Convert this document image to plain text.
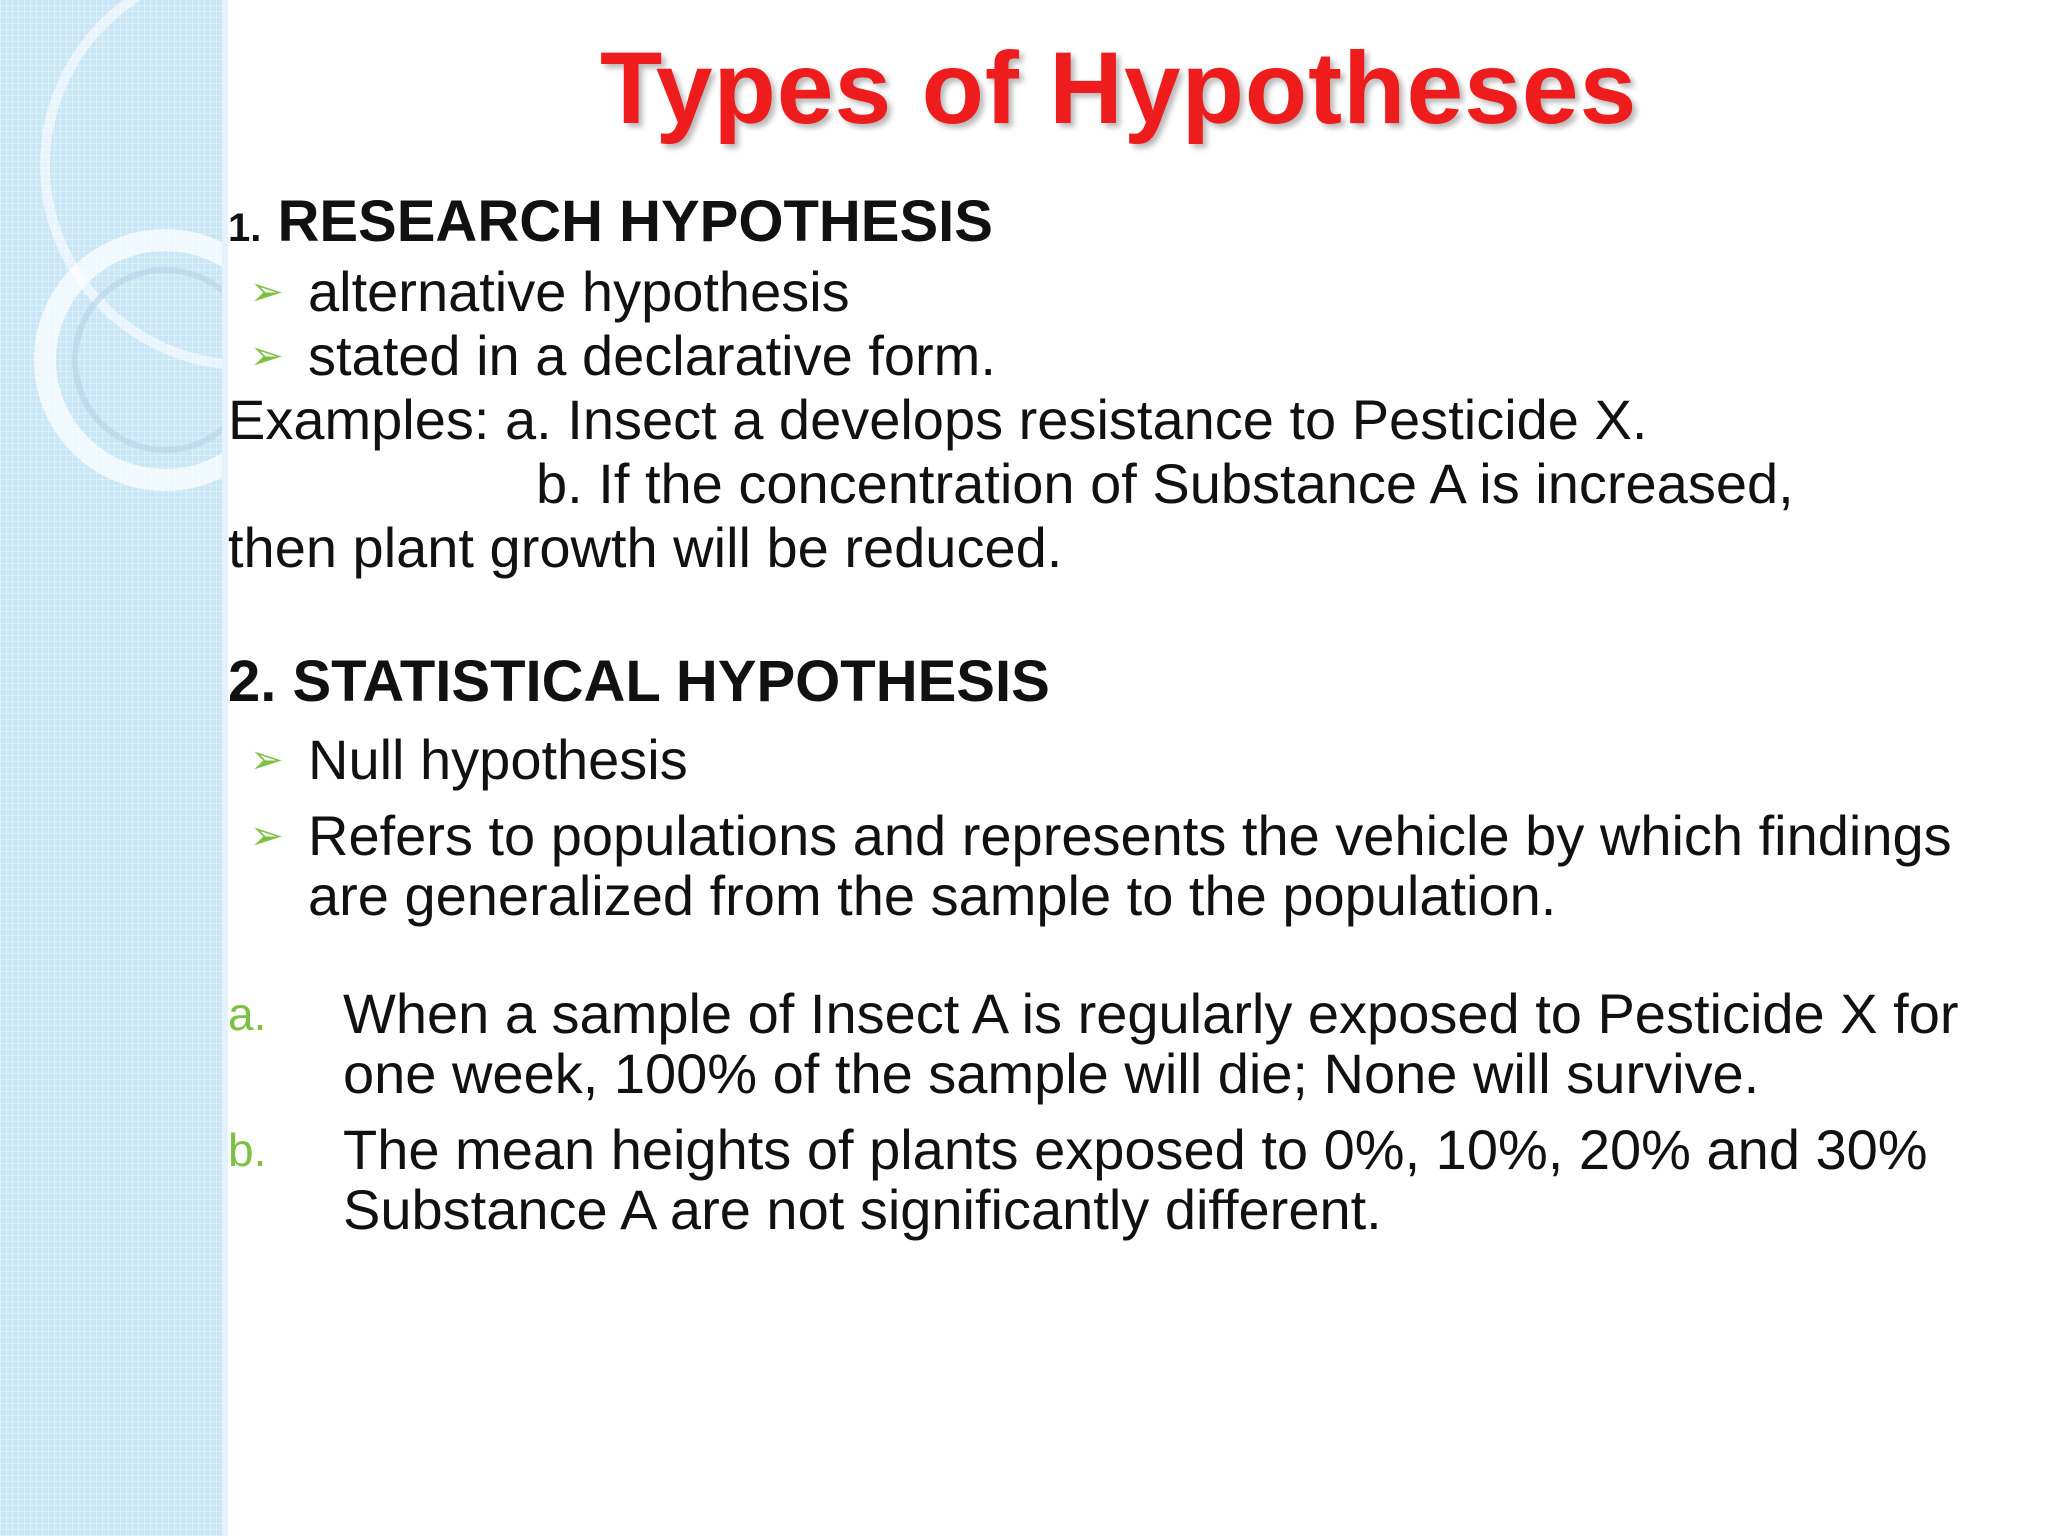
Types of Hypotheses
1. RESEARCH HYPOTHESIS
➢ alternative hypothesis
➢ stated in a declarative form.
Examples: a. Insect a develops resistance to Pesticide X.
b. If the concentration of Substance A is increased,
then plant growth will be reduced.
2. STATISTICAL HYPOTHESIS
➢ Null hypothesis
➢ Refers to populations and represents the vehicle by which findings are generalized from the sample to the population.
a. When a sample of Insect A is regularly exposed to Pesticide X for one week, 100% of the sample will die; None will survive.
b. The mean heights of plants exposed to 0%, 10%, 20% and 30% Substance A are not significantly different.
